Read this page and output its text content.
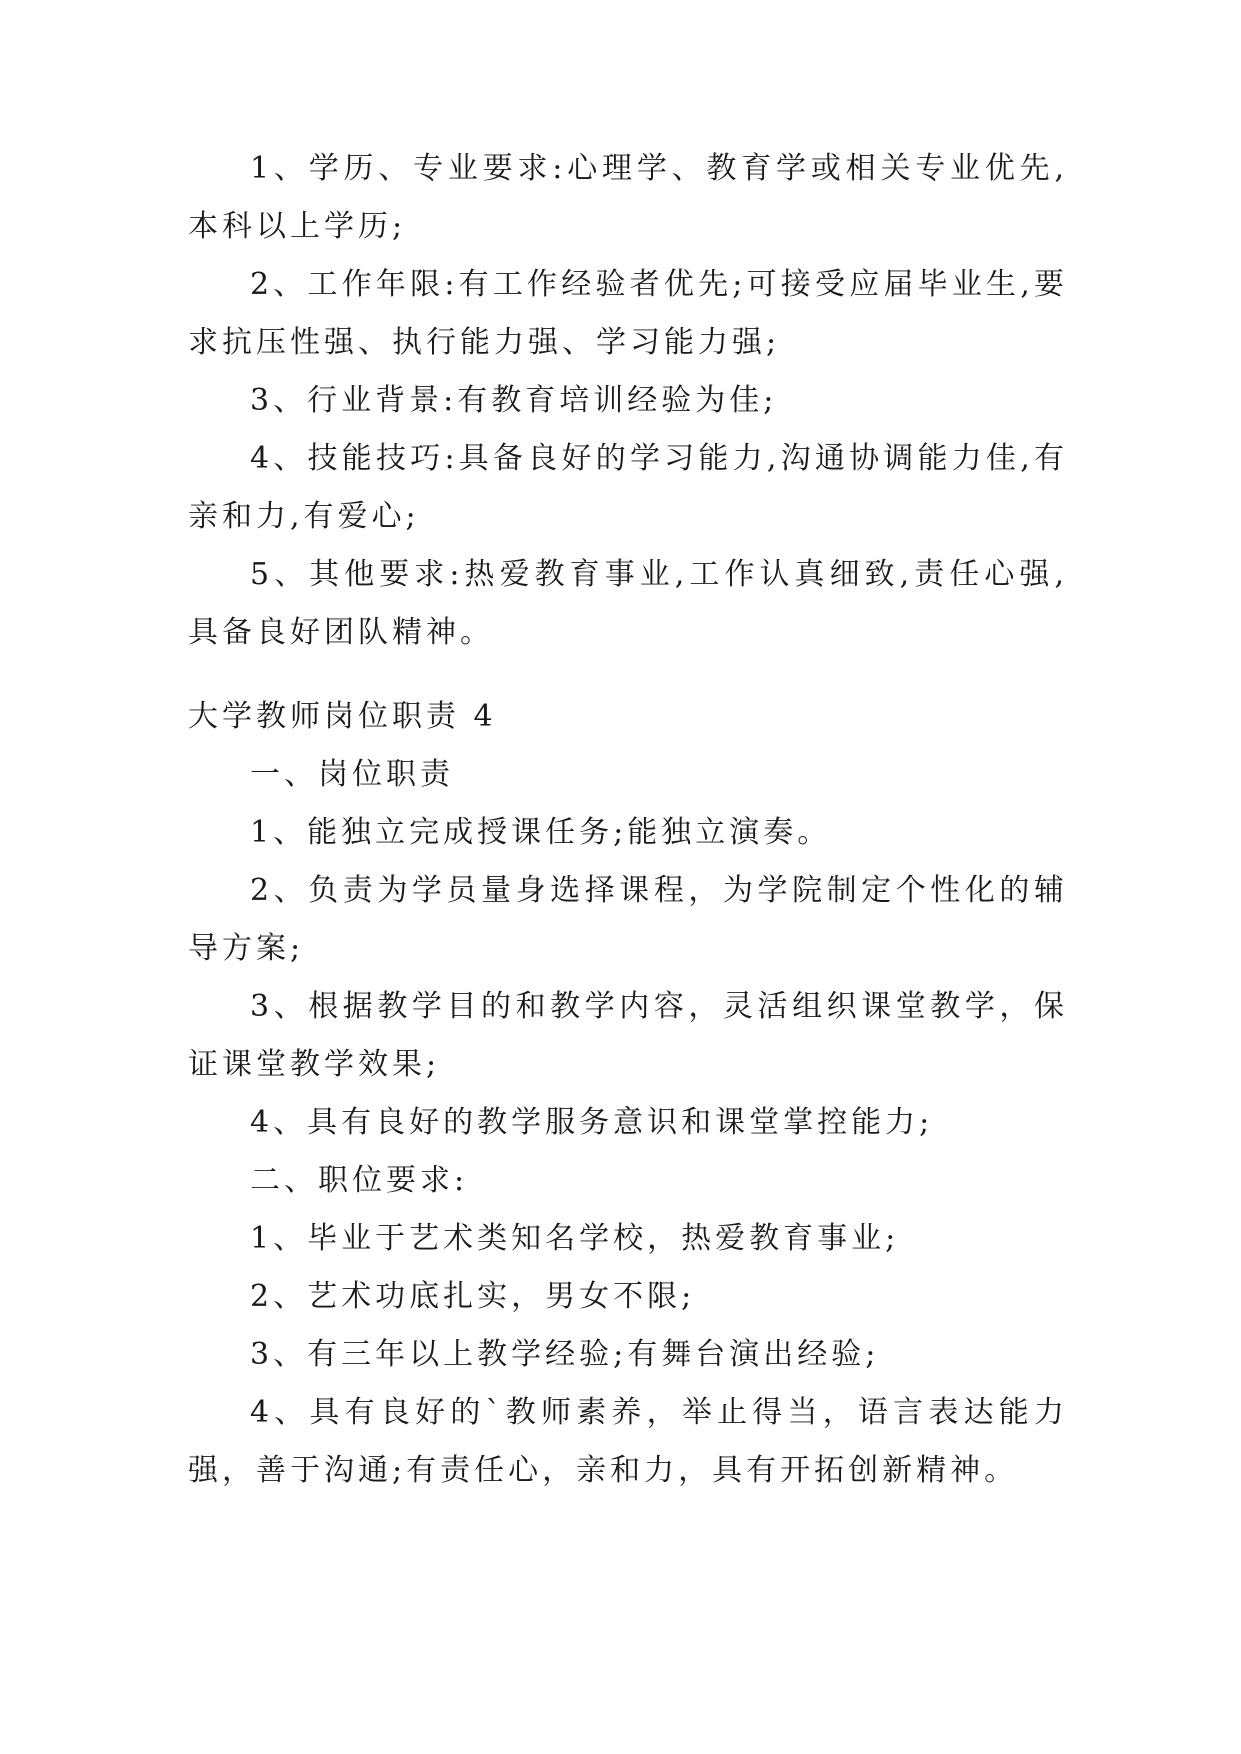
1、学历、专业要求:心理学、教育学或相关专业优先,本科以上学历;

2、工作年限:有工作经验者优先;可接受应届毕业生,要求抗压性强、执行能力强、学习能力强;

3、行业背景:有教育培训经验为佳;

4、技能技巧:具备良好的学习能力,沟通协调能力佳,有亲和力,有爱心;

5、其他要求:热爱教育事业,工作认真细致,责任心强,具备良好团队精神。

大学教师岗位职责 4

一、岗位职责

1、能独立完成授课任务;能独立演奏。

2、负责为学员量身选择课程，为学院制定个性化的辅导方案;

3、根据教学目的和教学内容，灵活组织课堂教学，保证课堂教学效果;

4、具有良好的教学服务意识和课堂掌控能力;

二、职位要求:

1、毕业于艺术类知名学校，热爱教育事业;

2、艺术功底扎实，男女不限;

3、有三年以上教学经验;有舞台演出经验;

4、具有良好的`教师素养，举止得当，语言表达能力强，善于沟通;有责任心，亲和力，具有开拓创新精神。
